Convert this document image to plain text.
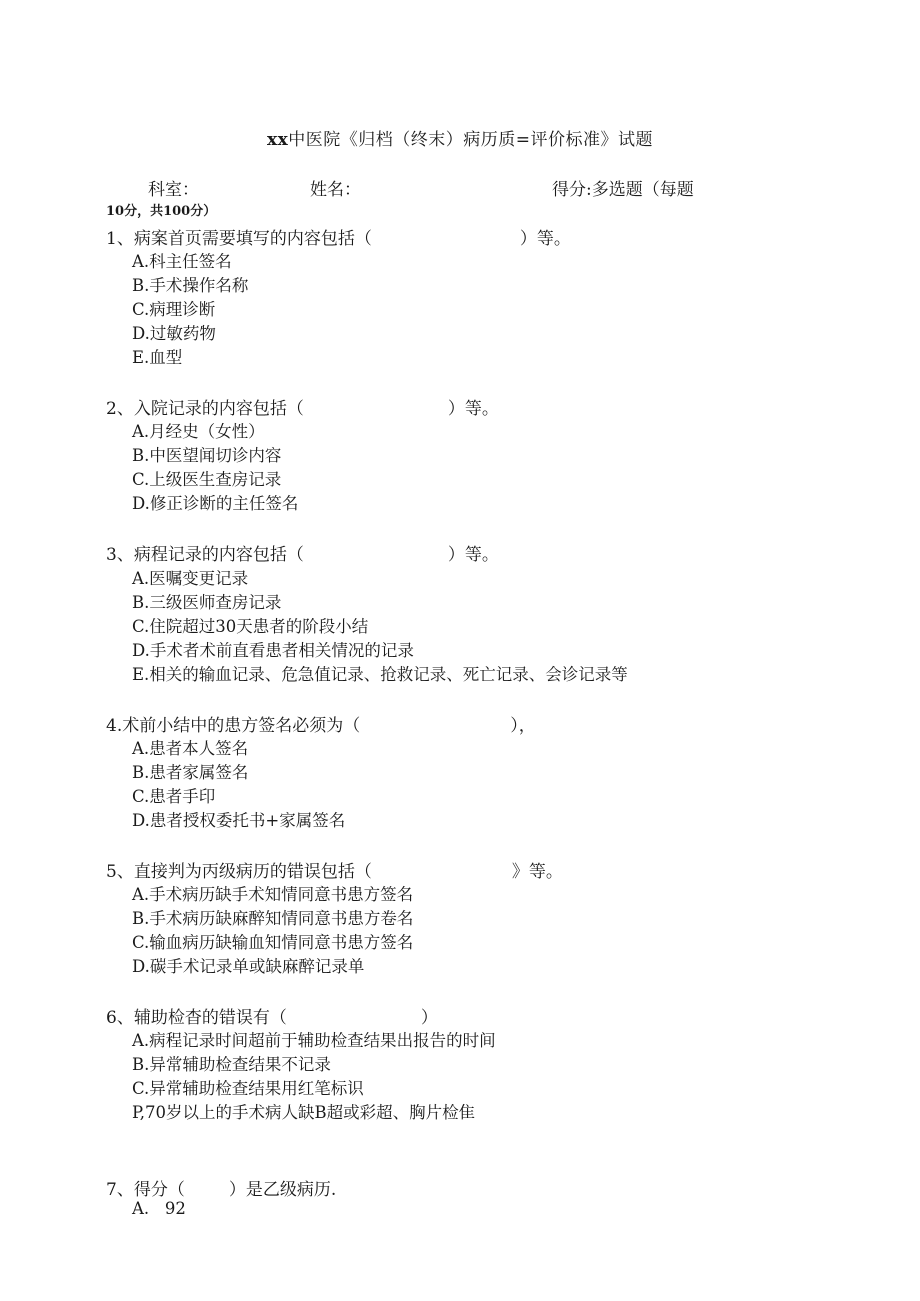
xx中医院《归档（终末）病历质=评价标准》试题
科室：	姓名：	得分:多选题（每题
10分，共100分）
1、病案首页需要填写的内容包括（	）等。
A.科主任签名
B.手术操作名称
C.病理诊断
D.过敏药物
E.血型
2、入院记录的内容包括（	）等。
A.月经史（女性）
B.中医望闻切诊内容
C.上级医生查房记录
D.修正诊断的主任签名
3、病程记录的内容包括（	）等。
A.医嘱变更记录
B.三级医师查房记录
C.住院超过30天患者的阶段小结
D.手术者术前直看患者相关情况的记录
E.相关的输血记录、危急值记录、抢救记录、死亡记录、会诊记录等
4.术前小结中的患方签名必须为（	），
A.患者本人签名
B.患者家属签名
C.患者手印
D.患者授权委托书+家属签名
5、直接判为丙级病历的错误包括（	》等。
A.手术病历缺手术知情同意书患方签名
B.手术病历缺麻醉知情同意书患方卷名
C.输血病历缺输血知情同意书患方签名
D.碳手术记录单或缺麻醉记录单
6、辅助检杳的错误有（	）
A.病程记录时间超前于辅助检查结果出报告的时间
B.异常辅助检查结果不记录
C.异常辅助检查结果用红笔标识
P,70岁以上的手术病人缺B超或彩超、胸片检隹
7、得分（	）是乙级病历.
A.   92
